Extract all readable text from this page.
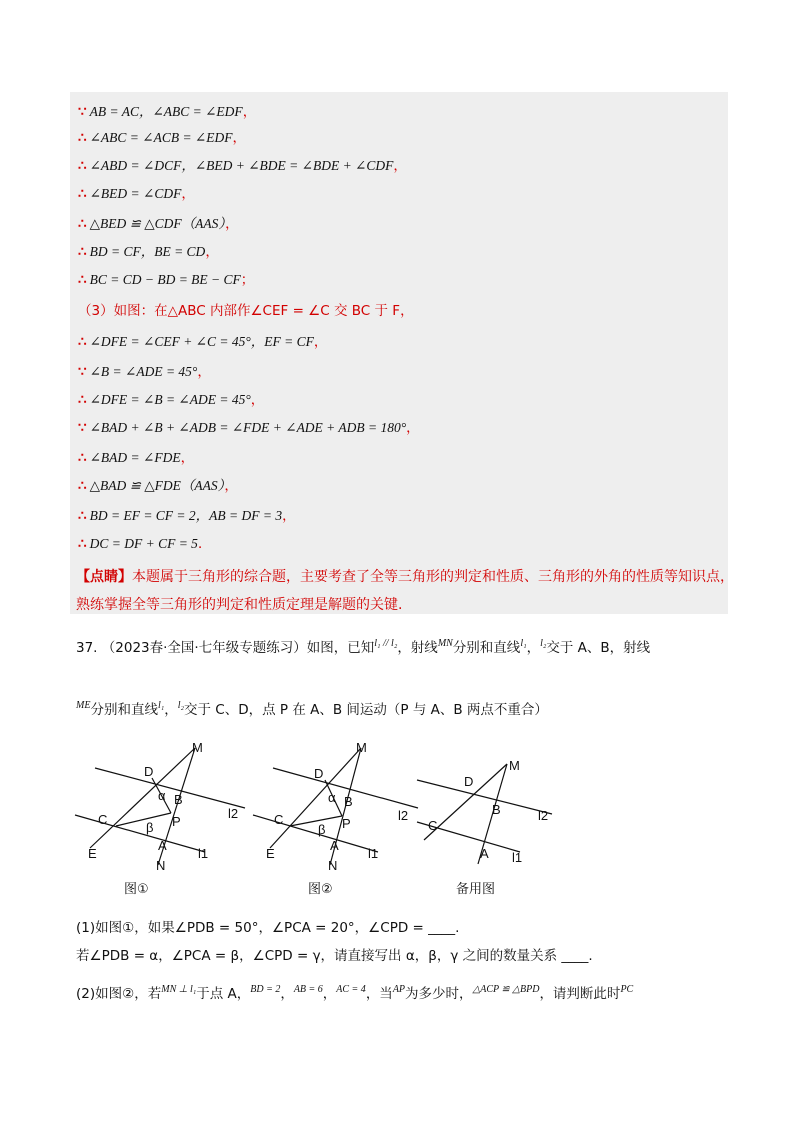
∵ AB = AC，∠ABC = ∠EDF，
∴ ∠ABC = ∠ACB = ∠EDF，
∴ ∠ABD = ∠DCF，∠BED + ∠BDE = ∠BDE + ∠CDF，
∴ ∠BED = ∠CDF，
∴ △BED ≌ △CDF（AAS），
∴ BD = CF，BE = CD，
∴ BC = CD − BD = BE − CF；
（3）如图：在△ABC 内部作∠CEF = ∠C 交 BC 于 F，
∴ ∠DFE = ∠CEF + ∠C = 45°，EF = CF，
∵ ∠B = ∠ADE = 45°，
∴ ∠DFE = ∠B = ∠ADE = 45°，
∵ ∠BAD + ∠B + ∠ADB = ∠FDE + ∠ADE + ADB = 180°，
∴ ∠BAD = ∠FDE，
∴ △BAD ≌ △FDE（AAS），
∴ BD = EF = CF = 2，AB = DF = 3，
∴ DC = DF + CF = 5．
【点睛】本题属于三角形的综合题，主要考查了全等三角形的判定和性质、三角形的外角的性质等知识点，
熟练掌握全等三角形的判定和性质定理是解题的关键.
37. （2023春·全国·七年级专题练习）如图，已知$^{l_1 // l_2}$，射线$^{MN}$分别和直线$^{l_1}$，$^{l_2}$交于 A、B，射线
$^{ME}$分别和直线$^{l_1}$，$^{l_2}$交于 C、D，点 P 在 A、B 间运动（P 与 A、B 两点不重合）
M
D
α B
l2
C
β P
E
A
l1
N
图①
M
D
α B
l2
C
β P
E
A
l1
N
图②
M
D
B	l2
C
A l1
备用图
(1)如图①，如果∠PDB = 50°，∠PCA = 20°，∠CPD = ____.
若∠PDB = α，∠PCA = β，∠CPD = γ，请直接写出 α，β，γ 之间的数量关系 ____.
(2)如图②，若$^{MN \perp l_1}$于点 A，$^{BD = 2}$，$^{AB = 6}$，$^{AC = 4}$，当$^{AP}$为多少时，$^{\triangle ACP ≌ \triangle BPD}$，请判断此时$^{PC}$
